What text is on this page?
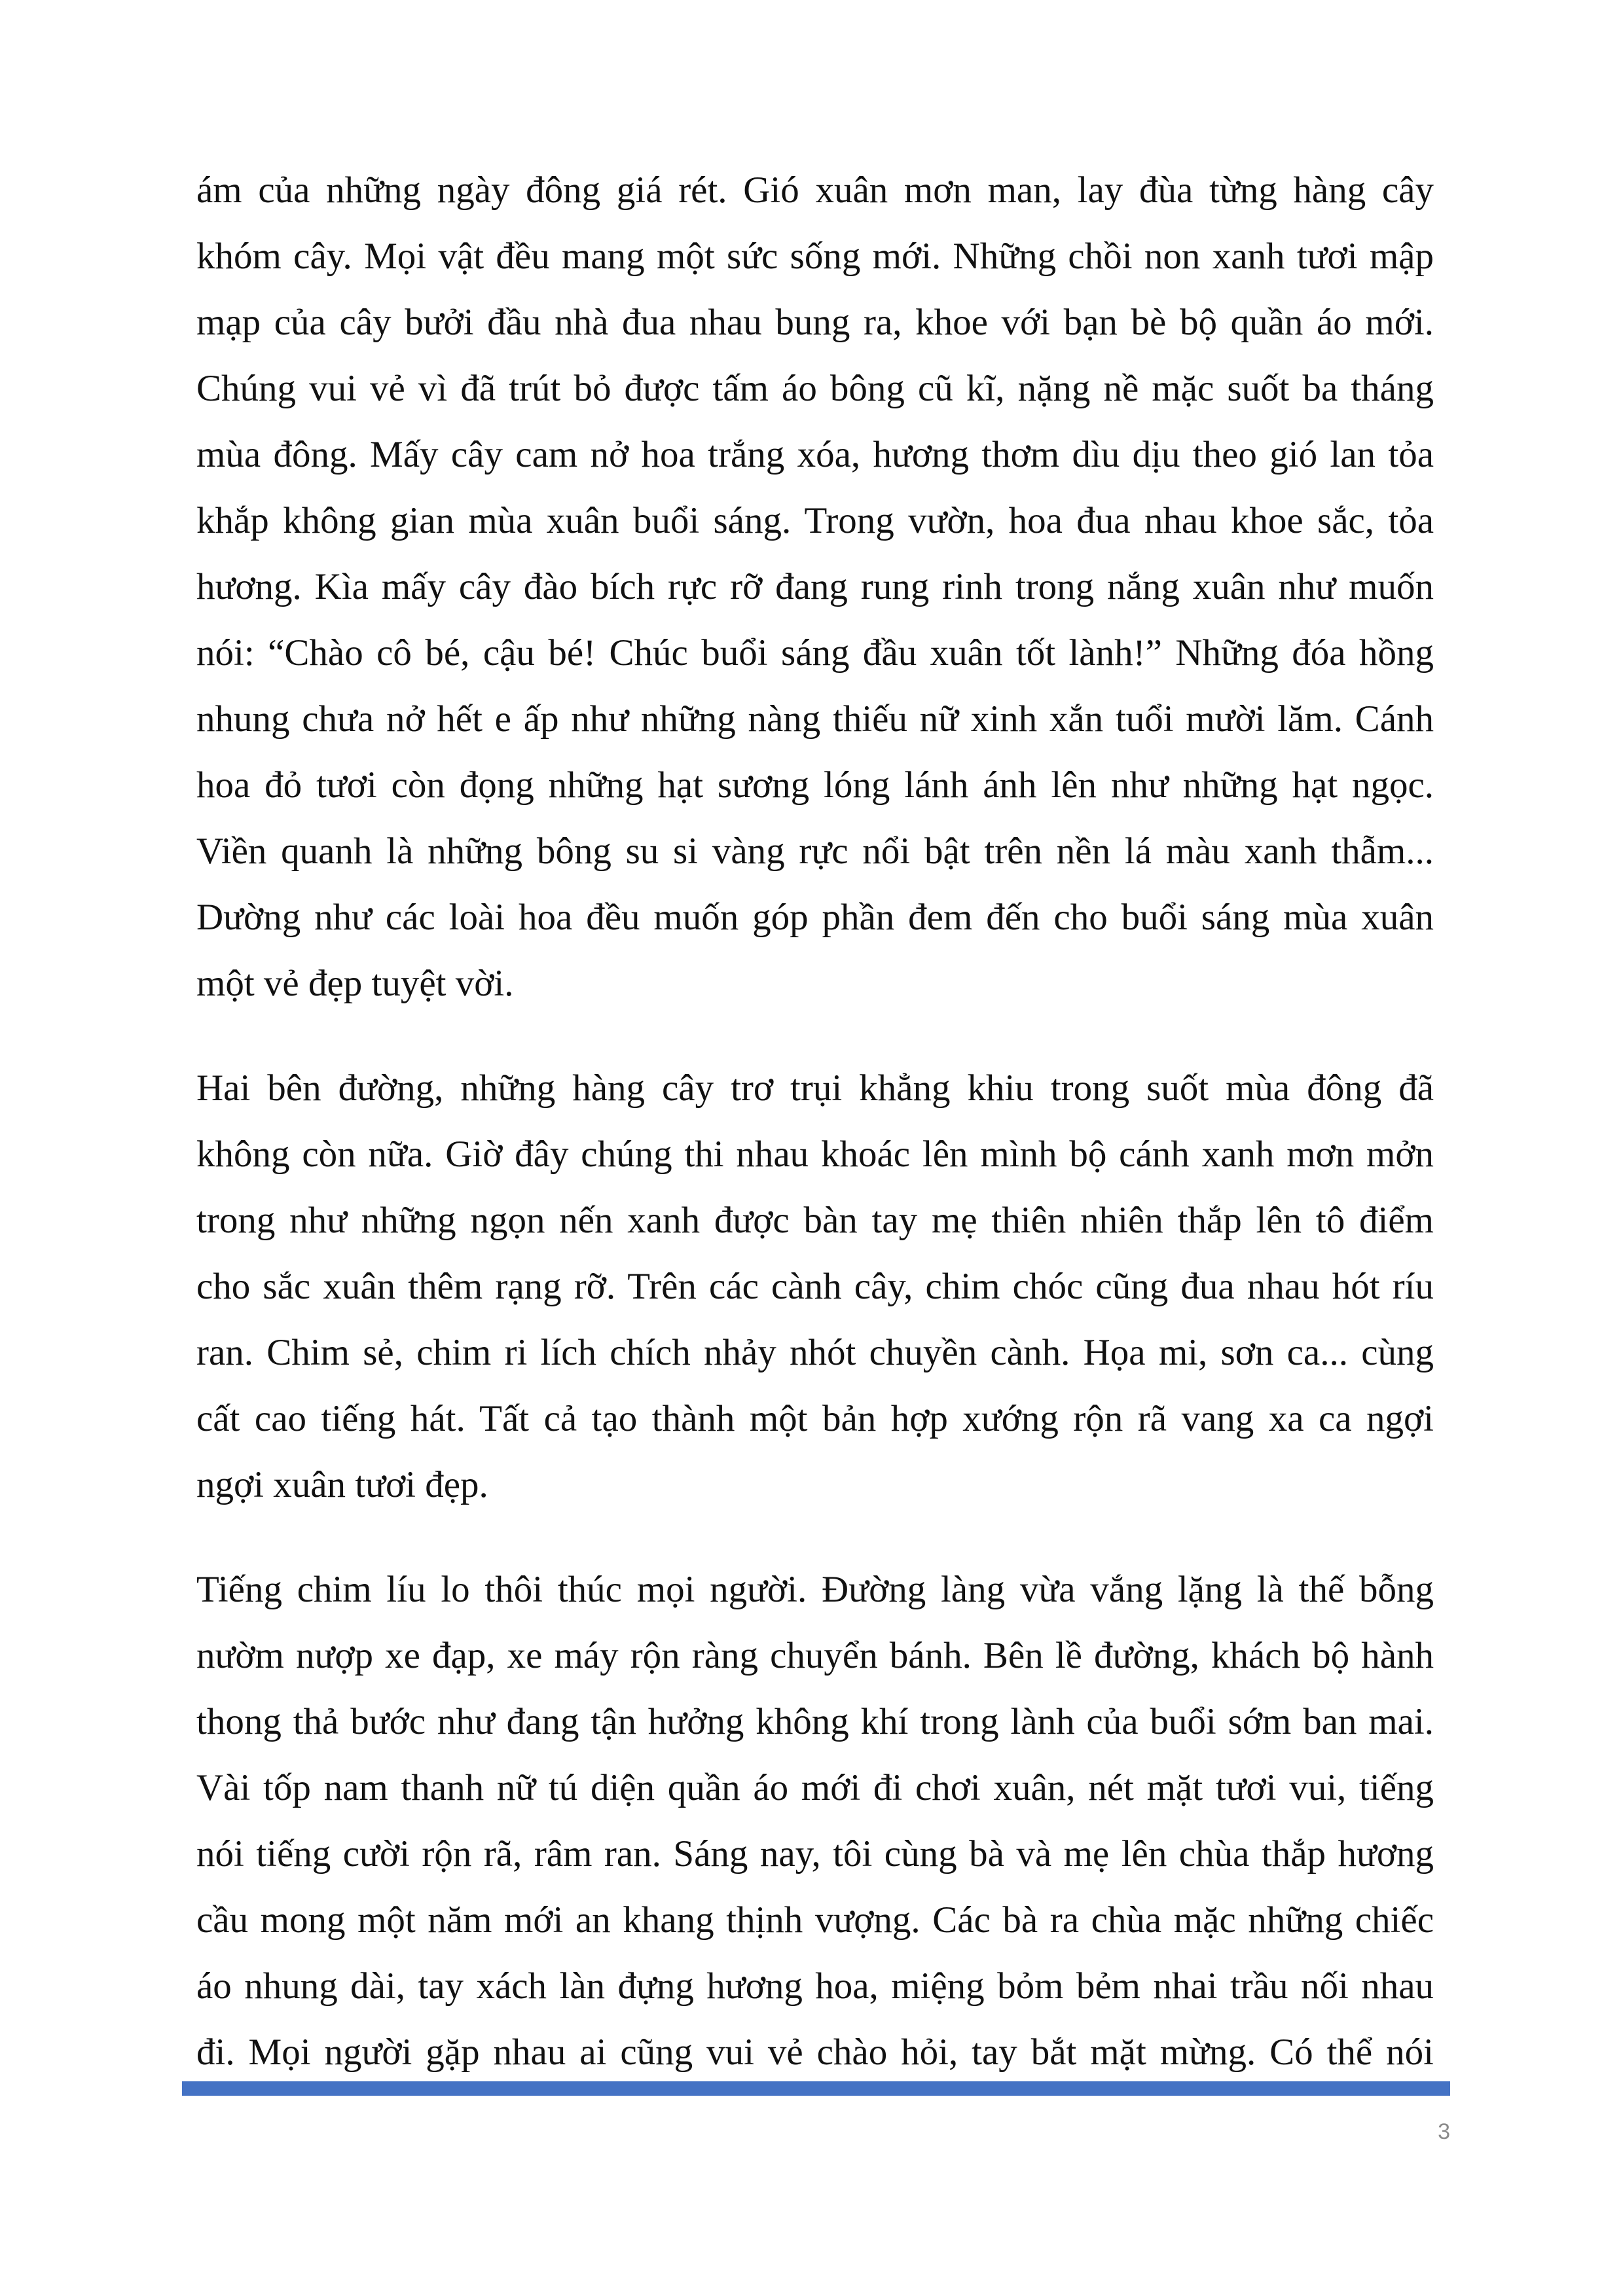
ám của những ngày đông giá rét. Gió xuân mơn man, lay đùa từng hàng cây
khóm cây. Mọi vật đều mang một sức sống mới. Những chồi non xanh tươi mập
mạp của cây bưởi đầu nhà đua nhau bung ra, khoe với bạn bè bộ quần áo mới.
Chúng vui vẻ vì đã trút bỏ được tấm áo bông cũ kĩ, nặng nề mặc suốt ba tháng
mùa đông. Mấy cây cam nở hoa trắng xóa, hương thơm dìu dịu theo gió lan tỏa
khắp không gian mùa xuân buổi sáng. Trong vườn, hoa đua nhau khoe sắc, tỏa
hương. Kìa mấy cây đào bích rực rỡ đang rung rinh trong nắng xuân như muốn
nói: “Chào cô bé, cậu bé! Chúc buổi sáng đầu xuân tốt lành!” Những đóa hồng
nhung chưa nở hết e ấp như những nàng thiếu nữ xinh xắn tuổi mười lăm. Cánh
hoa đỏ tươi còn đọng những hạt sương lóng lánh ánh lên như những hạt ngọc.
Viền quanh là những bông su si vàng rực nổi bật trên nền lá màu xanh thẫm...
Dường như các loài hoa đều muốn góp phần đem đến cho buổi sáng mùa xuân
một vẻ đẹp tuyệt vời.
Hai bên đường, những hàng cây trơ trụi khẳng khiu trong suốt mùa đông đã
không còn nữa. Giờ đây chúng thi nhau khoác lên mình bộ cánh xanh mơn mởn
trong như những ngọn nến xanh được bàn tay mẹ thiên nhiên thắp lên tô điểm
cho sắc xuân thêm rạng rỡ. Trên các cành cây, chim chóc cũng đua nhau hót ríu
ran. Chim sẻ, chim ri lích chích nhảy nhót chuyền cành. Họa mi, sơn ca... cùng
cất cao tiếng hát. Tất cả tạo thành một bản hợp xướng rộn rã vang xa ca ngợi
ngợi xuân tươi đẹp.
Tiếng chim líu lo thôi thúc mọi người. Đường làng vừa vắng lặng là thế bỗng
nườm nượp xe đạp, xe máy rộn ràng chuyển bánh. Bên lề đường, khách bộ hành
thong thả bước như đang tận hưởng không khí trong lành của buổi sớm ban mai.
Vài tốp nam thanh nữ tú diện quần áo mới đi chơi xuân, nét mặt tươi vui, tiếng
nói tiếng cười rộn rã, râm ran. Sáng nay, tôi cùng bà và mẹ lên chùa thắp hương
cầu mong một năm mới an khang thịnh vượng. Các bà ra chùa mặc những chiếc
áo nhung dài, tay xách làn đựng hương hoa, miệng bỏm bẻm nhai trầu nối nhau
đi. Mọi người gặp nhau ai cũng vui vẻ chào hỏi, tay bắt mặt mừng. Có thể nói
3
